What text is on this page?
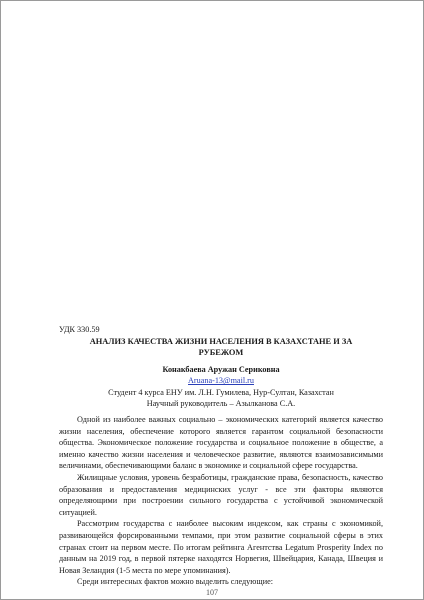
УДК 330.59

АНАЛИЗ КАЧЕСТВА ЖИЗНИ НАСЕЛЕНИЯ В КАЗАХСТАНЕ И ЗА РУБЕЖОМ

Конакбаева Аружан Сериковна

Aruana-13@mail.ru

Студент 4 курса ЕНУ им. Л.Н. Гумилева, Нур-Султан, Казахстан

Научный руководитель – Азылканова С.А.

Одной из наиболее важных социально – экономических категорий является качество жизни населения, обеспечение которого является гарантом социальной безопасности общества. Экономическое положение государства и социальное положение в обществе, а именно качество жизни населения и человеческое развитие, являются взаимозависимыми величинами, обеспечивающими баланс в экономике и социальной сфере государства.

Жилищные условия, уровень безработицы, гражданские права, безопасность, качество образования и предоставления медицинских услуг - все эти факторы являются определяющими при построении сильного государства с устойчивой экономической ситуацией.

Рассмотрим государства с наиболее высоким индексом, как страны с экономикой, развивающейся форсированными темпами, при этом развитие социальной сферы в этих странах стоит на первом месте. По итогам рейтинга Агентства Legatum Prosperity Index по данным на 2019 год, в первой пятерке находятся Норвегия, Швейцария, Канада, Швеция и Новая Зеландия (1-5 места по мере упоминания).

Среди интересных фактов можно выделить следующие:

107
